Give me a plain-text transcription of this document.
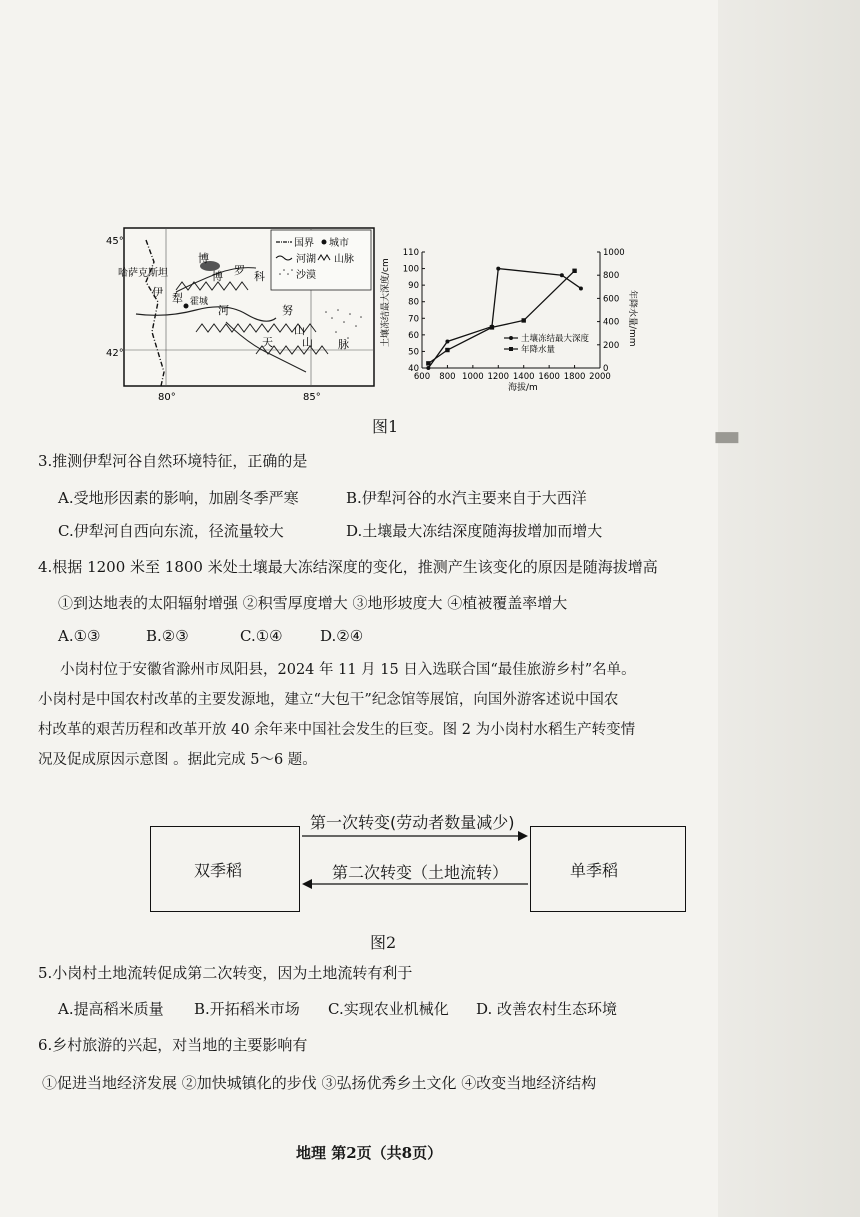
▮
国界 城市
河湖 山脉
沙漠
45°
42°
80°	85°
哈萨克斯坦
伊 犁
河
霍城
博
博 罗 科
努
天
山
山 脉
600 800 1000 1200 1400 1600 1800 2000
40
50
60
70
80
90
100
110
0
200
400
600
800
1000
土壤冻结最大深度
年降水量
土壤冻结最大深度/cm	年降水量/mm
海拔/m
图1
3.推测伊犁河谷自然环境特征，正确的是
A.受地形因素的影响，加剧冬季严寒	B.伊犁河谷的水汽主要来自于大西洋
C.伊犁河自西向东流，径流量较大	D.土壤最大冻结深度随海拔增加而增大
4.根据 1200 米至 1800 米处土壤最大冻结深度的变化，推测产生该变化的原因是随海拔增高
①到达地表的太阳辐射增强 ②积雪厚度增大 ③地形坡度大 ④植被覆盖率增大
A.①③	B.②③	C.①④ D.②④
小岗村位于安徽省滁州市凤阳县，2024 年 11 月 15 日入选联合国“最佳旅游乡村”名单。
小岗村是中国农村改革的主要发源地，建立“大包干”纪念馆等展馆，向国外游客述说中国农
村改革的艰苦历程和改革开放 40 余年来中国社会发生的巨变。图 2 为小岗村水稻生产转变情
况及促成原因示意图 。据此完成 5～6 题。
双季稻	单季稻
第一次转变(劳动者数量减少)
第二次转变（土地流转）
图2
5.小岗村土地流转促成第二次转变，因为土地流转有利于
A.提高稻米质量 B.开拓稻米市场 C.实现农业机械化 D. 改善农村生态环境
6.乡村旅游的兴起，对当地的主要影响有
①促进当地经济发展 ②加快城镇化的步伐 ③弘扬优秀乡土文化 ④改变当地经济结构
地理 第2页（共8页）
